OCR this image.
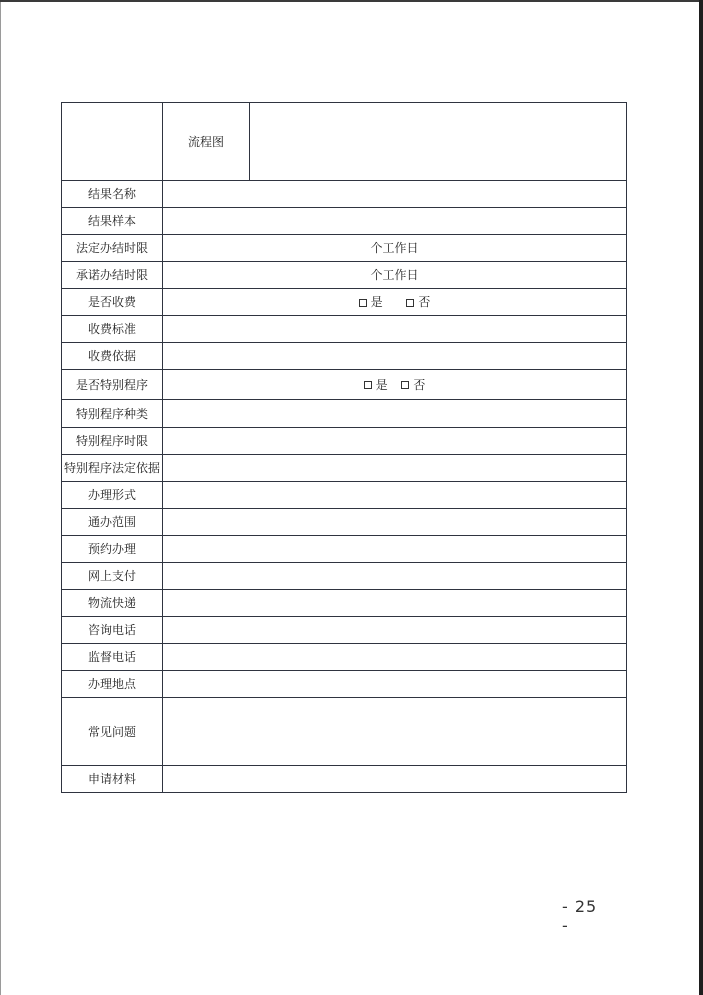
	流程图	
结果名称		
结果样本		
法定办结时限	个工作日	
承诺办结时限	个工作日	
是否收费	是 否	
收费标准		
收费依据		
是否特别程序	是 否	
特别程序种类		
特别程序时限		
特别程序法定依据		
办理形式		
通办范围		
预约办理		
网上支付		
物流快递		
咨询电话		
监督电话		
办理地点		
常见问题		
申请材料		
- 25 -
